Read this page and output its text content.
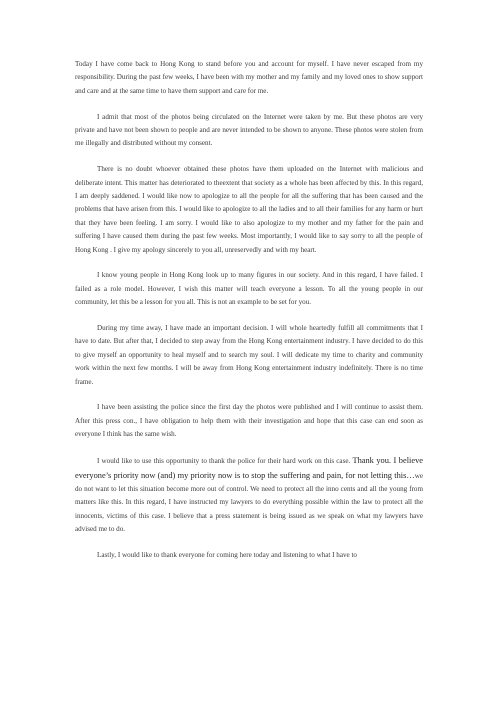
Today I have come back to Hong Kong to stand before you and account for myself. I have never escaped from my responsibility. During the past few weeks, I have been with my mother and my family and my loved ones to show support and care and at the same time to have them support and care for me.

I admit that most of the photos being circulated on the Internet were taken by me. But these photos are very private and have not been shown to people and are never intended to be shown to anyone. These photos were stolen from me illegally and distributed without my consent.

There is no doubt whoever obtained these photos have them uploaded on the Internet with malicious and deliberate intent. This matter has deteriorated to theextent that society as a whole has been affected by this. In this regard, I am deeply saddened. I would like now to apologize to all the people for all the suffering that has been caused and the problems that have arisen from this. I would like to apologize to all the ladies and to all their families for any harm or hurt that they have been feeling. I am sorry. I would like to also apologize to my mother and my father for the pain and suffering I have caused them during the past few weeks. Most importantly, I would like to say sorry to all the people of Hong Kong . I give my apology sincerely to you all, unreservedly and with my heart.

I know young people in Hong Kong look up to many figures in our society. And in this regard, I have failed. I failed as a role model. However, I wish this matter will teach everyone a lesson. To all the young people in our community, let this be a lesson for you all. This is not an example to be set for you.

During my time away, I have made an important decision. I will whole heartedly fulfill all commitments that I have to date. But after that, I decided to step away from the Hong Kong entertainment industry. I have decided to do this to give myself an opportunity to heal myself and to search my soul. I will dedicate my time to charity and community work within the next few months. I will be away from Hong Kong entertainment industry indefinitely. There is no time frame.

I have been assisting the police since the first day the photos were published and I will continue to assist them. After this press con., I have obligation to help them with their investigation and hope that this case can end soon as everyone I think has the same wish.

I would like to use this opportunity to thank the police for their hard work on this case. Thank you. I believe everyone’s priority now (and) my priority now is to stop the suffering and pain, for not letting this…we do not want to let this situation become more out of control. We need to protect all the inno cents and all the young from matters like this. In this regard, I have instructed my lawyers to do everything possible within the law to protect all the innocents, victims of this case. I believe that a press statement is being issued as we speak on what my lawyers have advised me to do.

Lastly, I would like to thank everyone for coming here today and listening to what I have to
